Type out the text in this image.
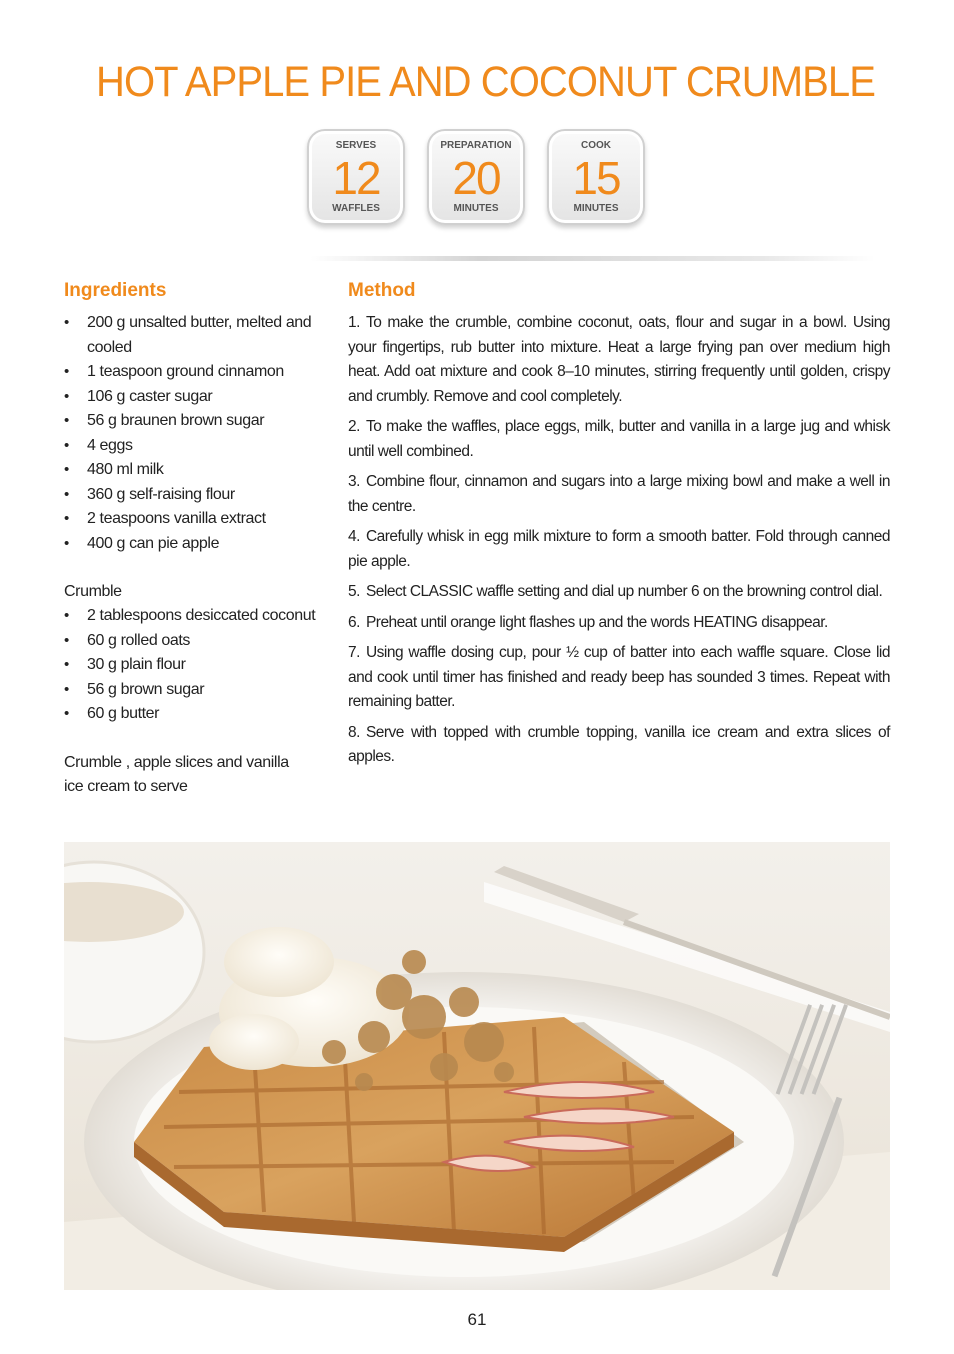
HOT APPLE PIE AND COCONUT CRUMBLE
SERVES
12
WAFFLES
PREPARATION
20
MINUTES
COOK
15
MINUTES
Ingredients
• 200 g unsalted butter, melted and cooled
• 1 teaspoon ground cinnamon
• 106 g caster sugar
• 56 g braunen brown sugar
• 4 eggs
• 480 ml milk
• 360 g self-raising flour
• 2 teaspoons vanilla extract
• 400 g can pie apple

Crumble

• 2 tablespoons desiccated coconut
• 60 g rolled oats
• 30 g plain flour
• 56 g brown sugar
• 60 g butter

Crumble , apple slices and vanilla ice cream to serve

Method

1. To make the crumble, combine coconut, oats, flour and sugar in a bowl. Using your fingertips, rub butter into mixture. Heat a large frying pan over medium high heat. Add oat mixture and cook 8–10 minutes, stirring frequently until golden, crispy and crumbly. Remove and cool completely.

2. To make the waffles, place eggs, milk, butter and vanilla in a large jug and whisk until well combined.

3. Combine flour, cinnamon and sugars into a large mixing bowl and make a well in the centre.

4. Carefully whisk in egg milk mixture to form a smooth batter. Fold through canned pie apple.

5. Select CLASSIC waffle setting and dial up number 6 on the browning control dial.

6. Preheat until orange light flashes up and the words HEATING disappear.

7. Using waffle dosing cup, pour ½ cup of batter into each waffle square. Close lid and cook until timer has finished and ready beep has sounded 3 times. Repeat with remaining batter.

8. Serve with topped with crumble topping, vanilla ice cream and extra slices of apples.

61
